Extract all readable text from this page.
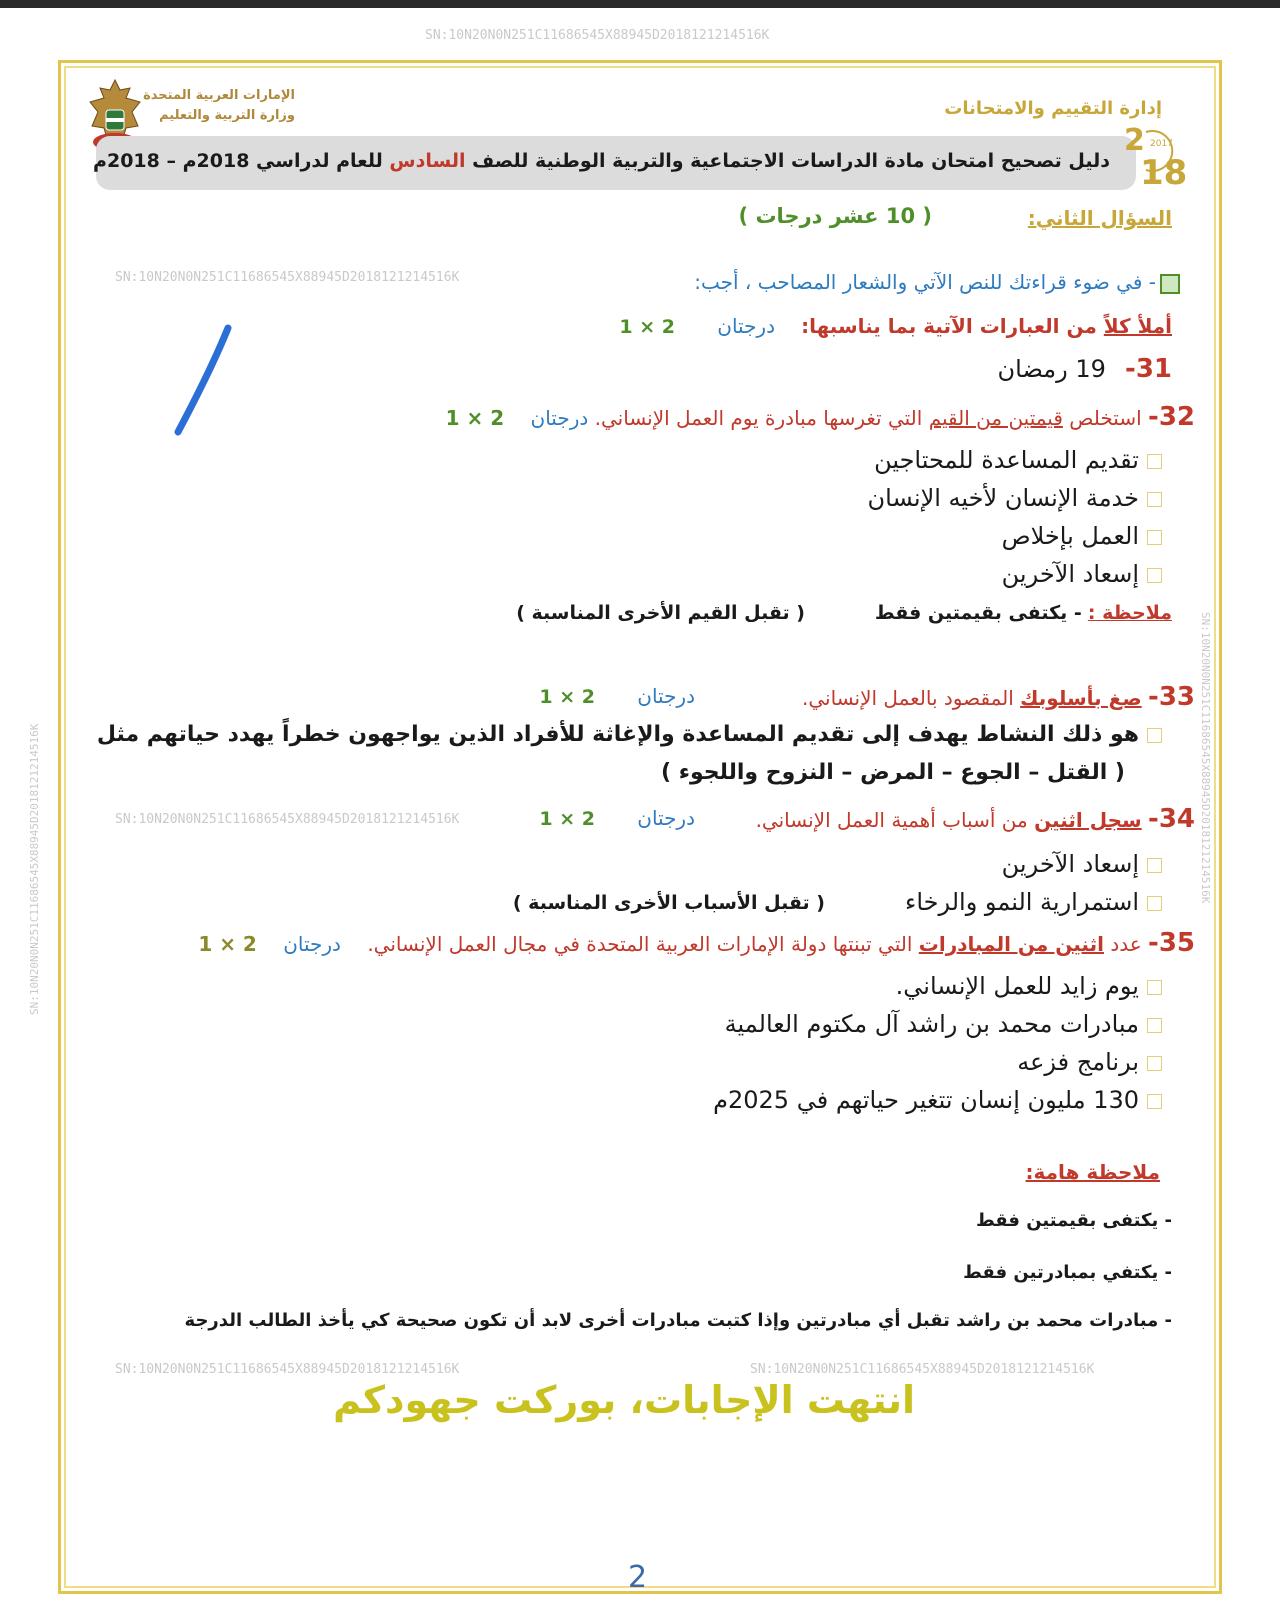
SN:10N20N0N251C11686545X88945D2018121214516K
SN:10N20N0N251C11686545X88945D2018121214516K	SN:10N20N0N251C11686545X88945D2018121214516K
الإمارات العربية المتحدة
وزارة التربية والتعليم	إدارة التقييم والامتحانات
دليل تصحيح امتحان مادة الدراسات الاجتماعية والتربية الوطنية للصف السادس للعام لدراسي 2018م – 2018م
2 2017
18
السؤال الثاني:
( 10 عشر درجات )
SN:10N20N0N251C11686545X88945D2018121214516K	- في ضوء قراءتك للنص الآتي والشعار المصاحب ، أجب:
أملأ كلاً من العبارات الآتية بما يناسبها:
درجتان
2 × 1
31- 19 رمضان
32- استخلص قيمتين من القيم التي تغرسها مبادرة يوم العمل الإنساني. درجتان 2 × 1
تقديم المساعدة للمحتاجين
خدمة الإنسان لأخيه الإنسان
العمل بإخلاص
إسعاد الآخرين
ملاحظة : - يكتفى بقيمتين فقط
( تقبل القيم الأخرى المناسبة )
33- صغ بأسلوبك المقصود بالعمل الإنساني.
درجتان
2 × 1
هو ذلك النشاط يهدف إلى تقديم المساعدة والإغاثة للأفراد الذين يواجهون خطراً يهدد حياتهم مثل
( القتل – الجوع – المرض – النزوح واللجوء )
SN:10N20N0N251C11686545X88945D2018121214516K	34- سجل اثنين من أسباب أهمية العمل الإنساني.
درجتان
2 × 1
إسعاد الآخرين
استمرارية النمو والرخاء
( تقبل الأسباب الأخرى المناسبة )
35- عدد اثنين من المبادرات التي تبنتها دولة الإمارات العربية المتحدة في مجال العمل الإنساني. درجتان 2 × 1
يوم زايد للعمل الإنساني.
مبادرات محمد بن راشد آل مكتوم العالمية
برنامج فزعه
130 مليون إنسان تتغير حياتهم في 2025م
ملاحظة هامة:
- يكتفى بقيمتين فقط
- يكتفي بمبادرتين فقط
- مبادرات محمد بن راشد تقبل أي مبادرتين وإذا كتبت مبادرات أخرى لابد أن تكون صحيحة كي يأخذ الطالب الدرجة
SN:10N20N0N251C11686545X88945D2018121214516K	SN:10N20N0N251C11686545X88945D2018121214516K
انتهت الإجابات، بوركت جهودكم
2
